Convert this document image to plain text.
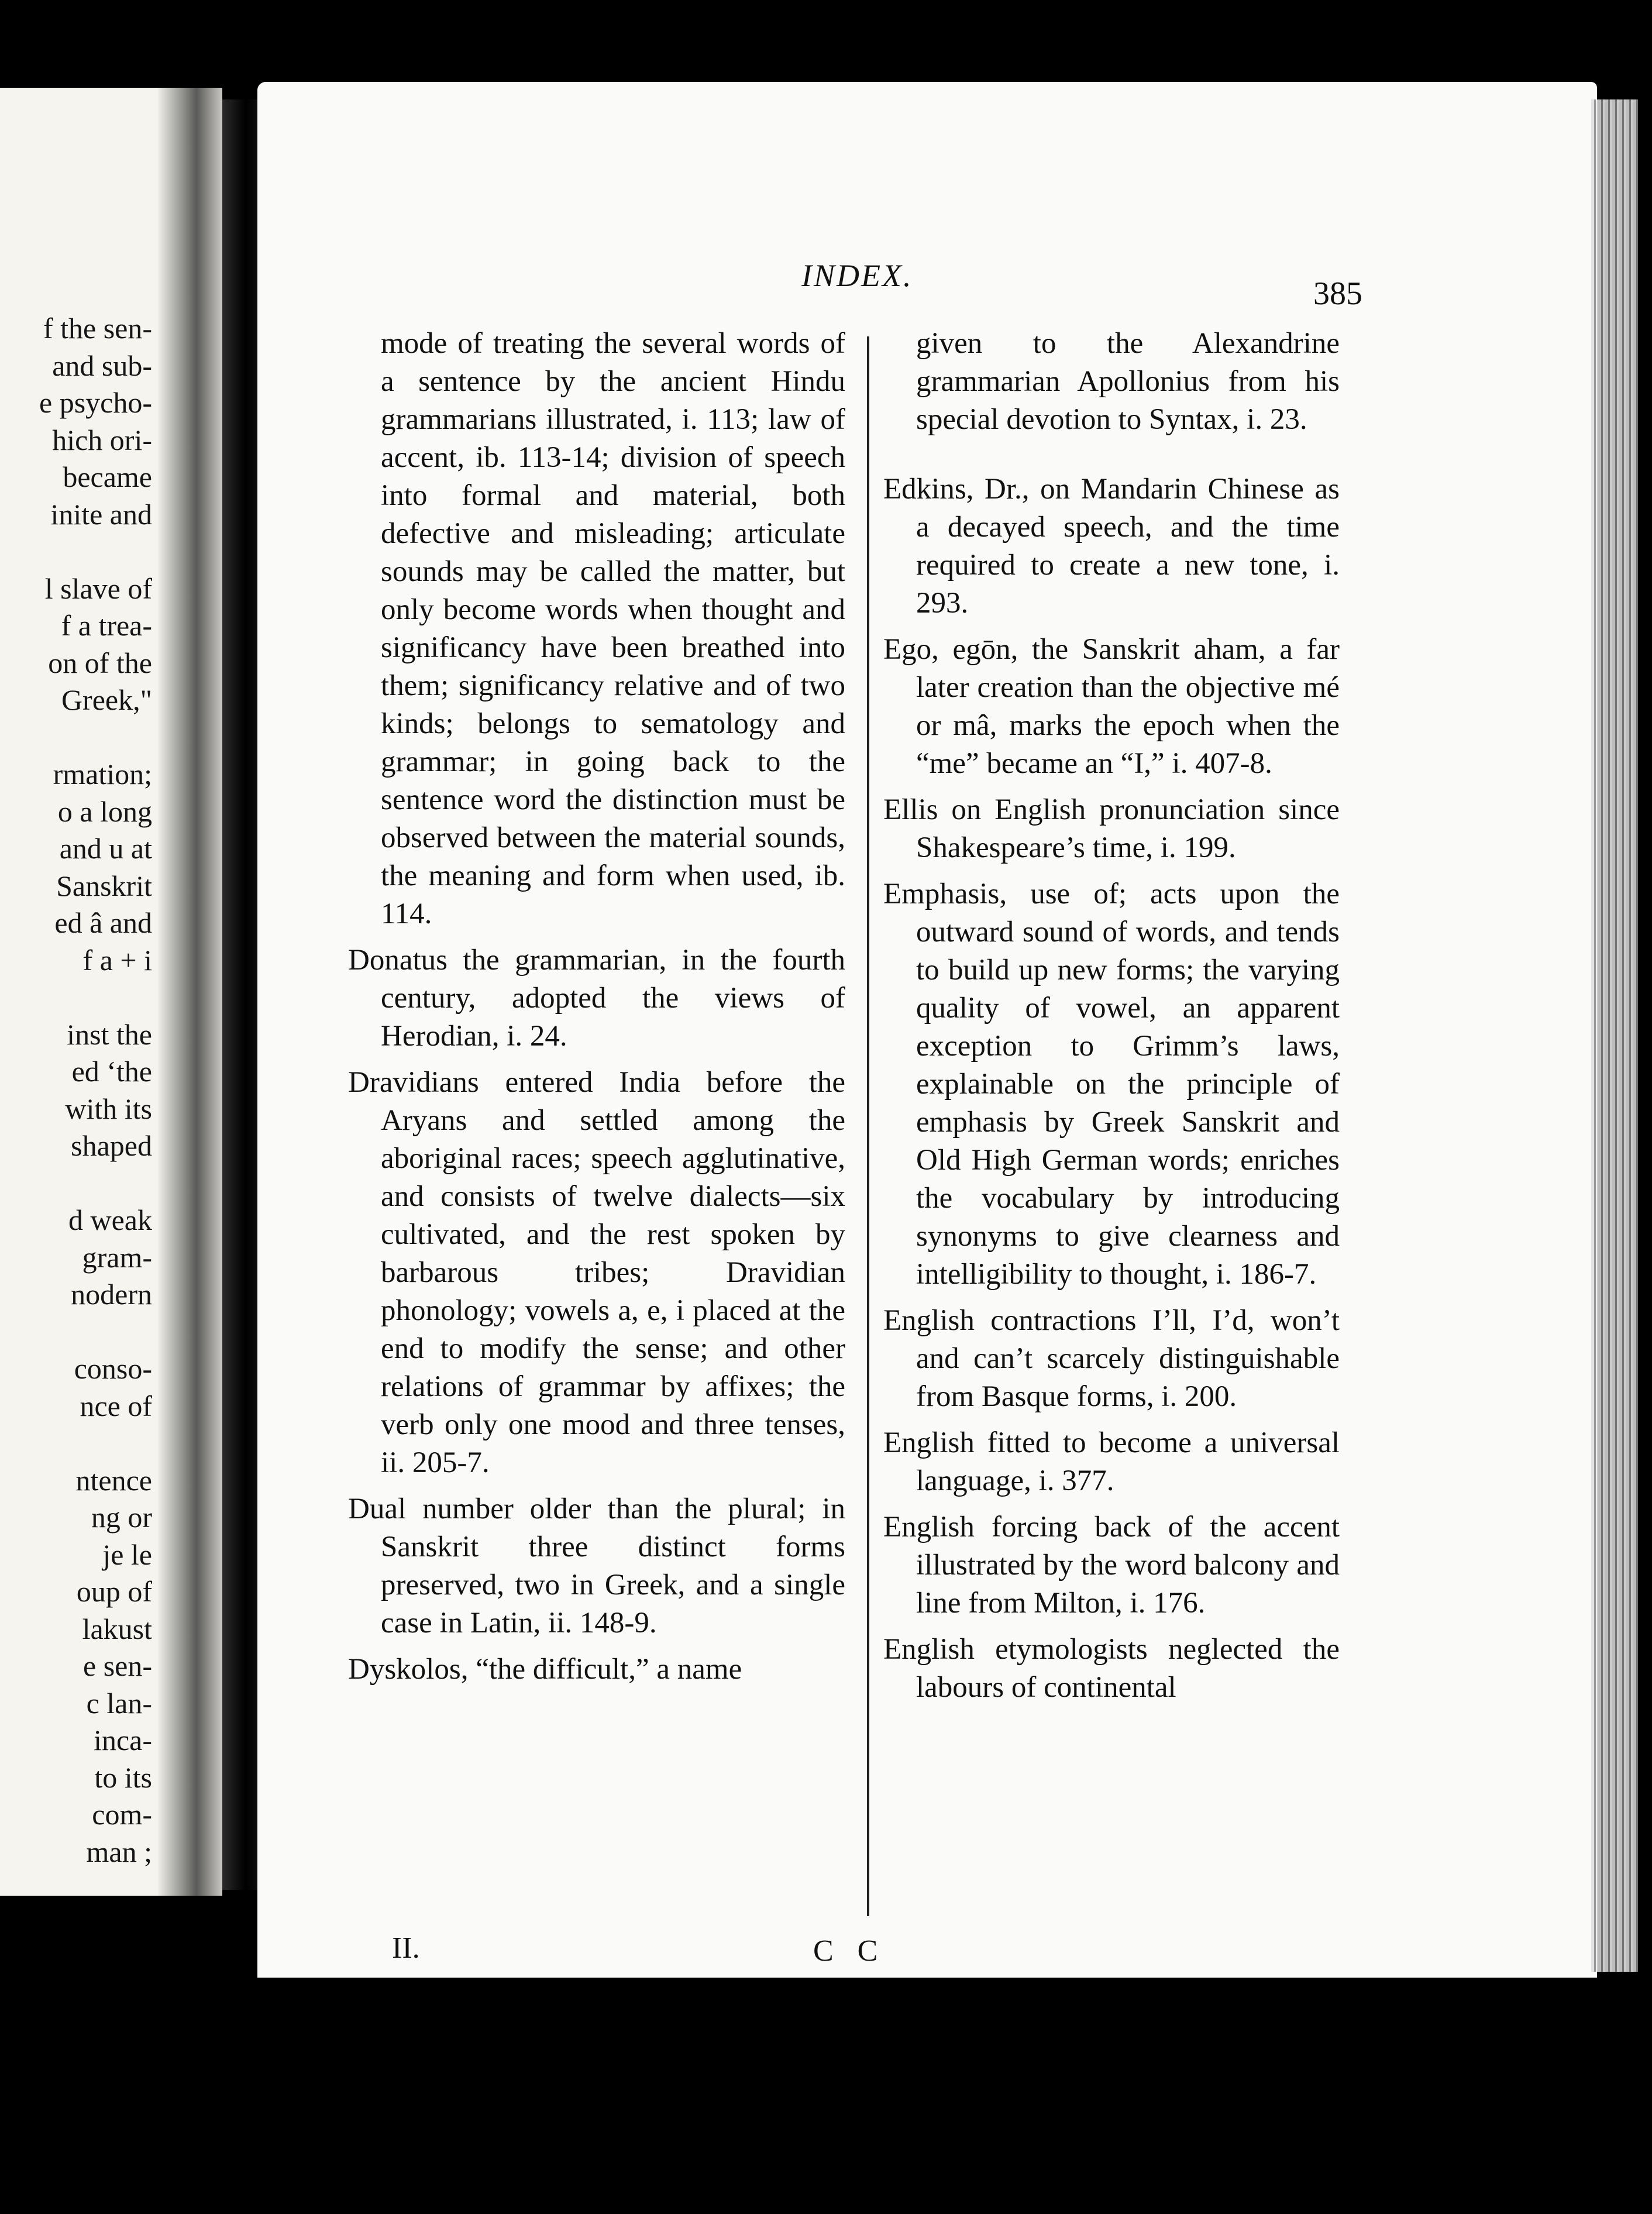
f the sen-
and sub-
e psycho-
hich ori-
became
inite and

l slave of
f a trea-
on of the
Greek,"

rmation;
o a long
and u at
Sanskrit
ed â and
f a + i

inst the
ed ‘the
with its
shaped

d weak
gram-
nodern

conso-
nce of

ntence
ng or
je le
oup of
lakust
e sen-
c lan-
inca-
to its
com-
man ;
INDEX.	385

mode of treating the several words of a sentence by the ancient Hindu grammarians illustrated, i. 113; law of accent, ib. 113-14; division of speech into formal and material, both defective and misleading; articulate sounds may be called the matter, but only become words when thought and significancy have been breathed into them; significancy relative and of two kinds; belongs to sematology and grammar; in going back to the sentence word the distinction must be observed between the material sounds, the meaning and form when used, ib. 114.

Donatus the grammarian, in the fourth century, adopted the views of Herodian, i. 24.

Dravidians entered India before the Aryans and settled among the aboriginal races; speech agglutinative, and consists of twelve dialects—six cultivated, and the rest spoken by barbarous tribes; Dravidian phonology; vowels a, e, i placed at the end to modify the sense; and other relations of grammar by affixes; the verb only one mood and three tenses, ii. 205-7.

Dual number older than the plural; in Sanskrit three distinct forms preserved, two in Greek, and a single case in Latin, ii. 148-9.

Dyskolos, “the difficult,” a name

given to the Alexandrine grammarian Apollonius from his special devotion to Syntax, i. 23.

Edkins, Dr., on Mandarin Chinese as a decayed speech, and the time required to create a new tone, i. 293.

Ego, egōn, the Sanskrit aham, a far later creation than the objective mé or mâ, marks the epoch when the “me” became an “I,” i. 407-8.

Ellis on English pronunciation since Shakespeare’s time, i. 199.

Emphasis, use of; acts upon the outward sound of words, and tends to build up new forms; the varying quality of vowel, an apparent exception to Grimm’s laws, explainable on the principle of emphasis by Greek Sanskrit and Old High German words; enriches the vocabulary by introducing synonyms to give clearness and intelligibility to thought, i. 186-7.

English contractions I’ll, I’d, won’t and can’t scarcely distinguishable from Basque forms, i. 200.

English fitted to become a universal language, i. 377.

English forcing back of the accent illustrated by the word balcony and line from Milton, i. 176.

English etymologists neglected the labours of continental

II.	C C
